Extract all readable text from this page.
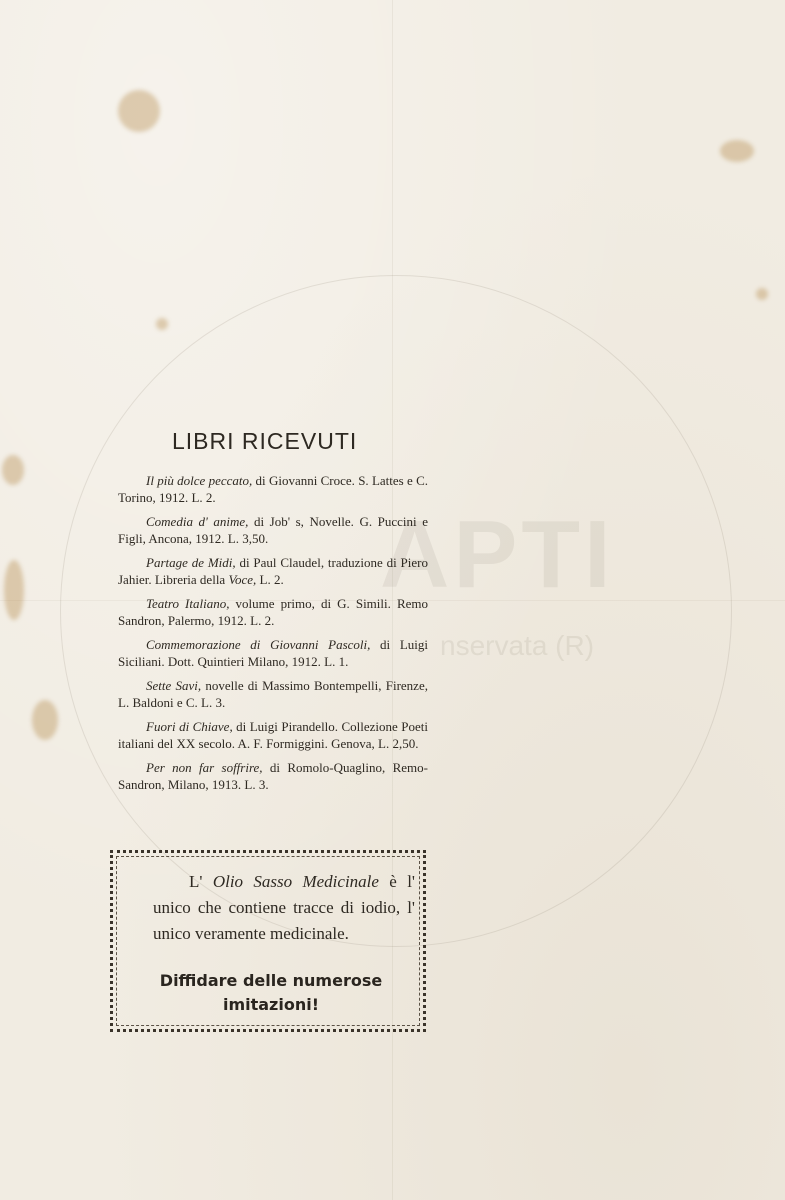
APTI
nservata (R)
LIBRI RICEVUTI

Il più dolce peccato, di Giovanni Croce. S. Lattes e C. Torino, 1912. L. 2.

Comedia d' anime, di Job' s, Novelle. G. Puccini e Figli, Ancona, 1912. L. 3,50.

Partage de Midi, di Paul Claudel, traduzione di Piero Jahier. Libreria della Voce, L. 2.

Teatro Italiano, volume primo, di G. Simili. Remo Sandron, Palermo, 1912. L. 2.

Commemorazione di Giovanni Pascoli, di Luigi Siciliani. Dott. Quintieri Milano, 1912. L. 1.

Sette Savi, novelle di Massimo Bontempelli, Firenze, L. Baldoni e C. L. 3.

Fuori di Chiave, di Luigi Pirandello. Collezione Poeti italiani del XX secolo. A. F. Formiggini. Genova, L. 2,50.

Per non far soffrire, di Romolo-Quaglino, Remo-Sandron, Milano, 1913. L. 3.

L' Olio Sasso Medicinale è l' unico che contiene tracce di iodio, l' unico veramente medicinale.

Diffidare delle numerose imitazioni!
